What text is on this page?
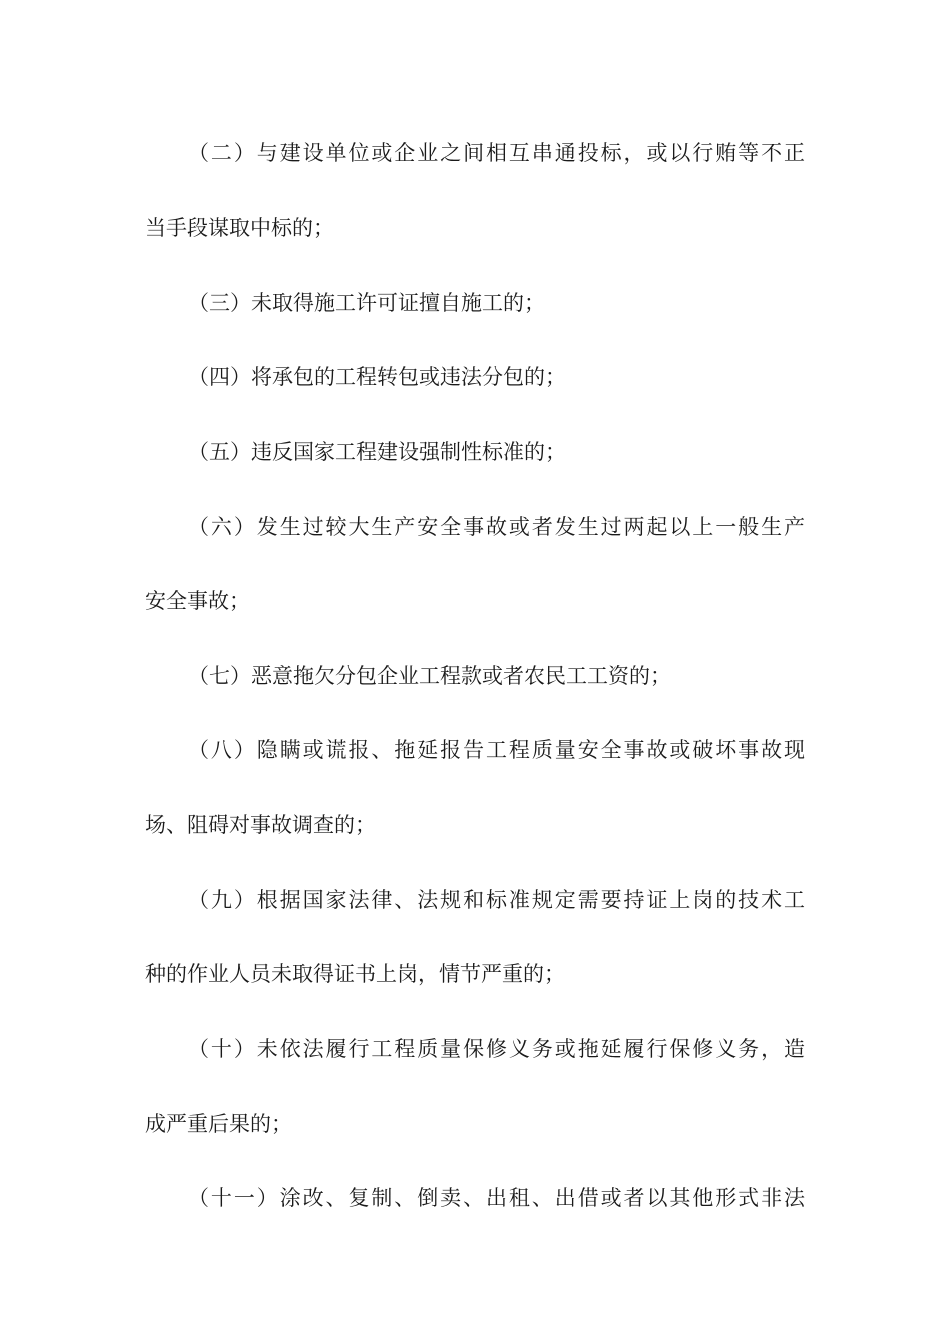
（二）与建设单位或企业之间相互串通投标，或以行贿等不正
当手段谋取中标的；
（三）未取得施工许可证擅自施工的；
（四）将承包的工程转包或违法分包的；
（五）违反国家工程建设强制性标准的；
（六）发生过较大生产安全事故或者发生过两起以上一般生产
安全事故；
（七）恶意拖欠分包企业工程款或者农民工工资的；
（八）隐瞒或谎报、拖延报告工程质量安全事故或破坏事故现
场、阻碍对事故调查的；
（九）根据国家法律、法规和标准规定需要持证上岗的技术工
种的作业人员未取得证书上岗，情节严重的；
（十）未依法履行工程质量保修义务或拖延履行保修义务，造
成严重后果的；
（十一）涂改、复制、倒卖、出租、出借或者以其他形式非法
